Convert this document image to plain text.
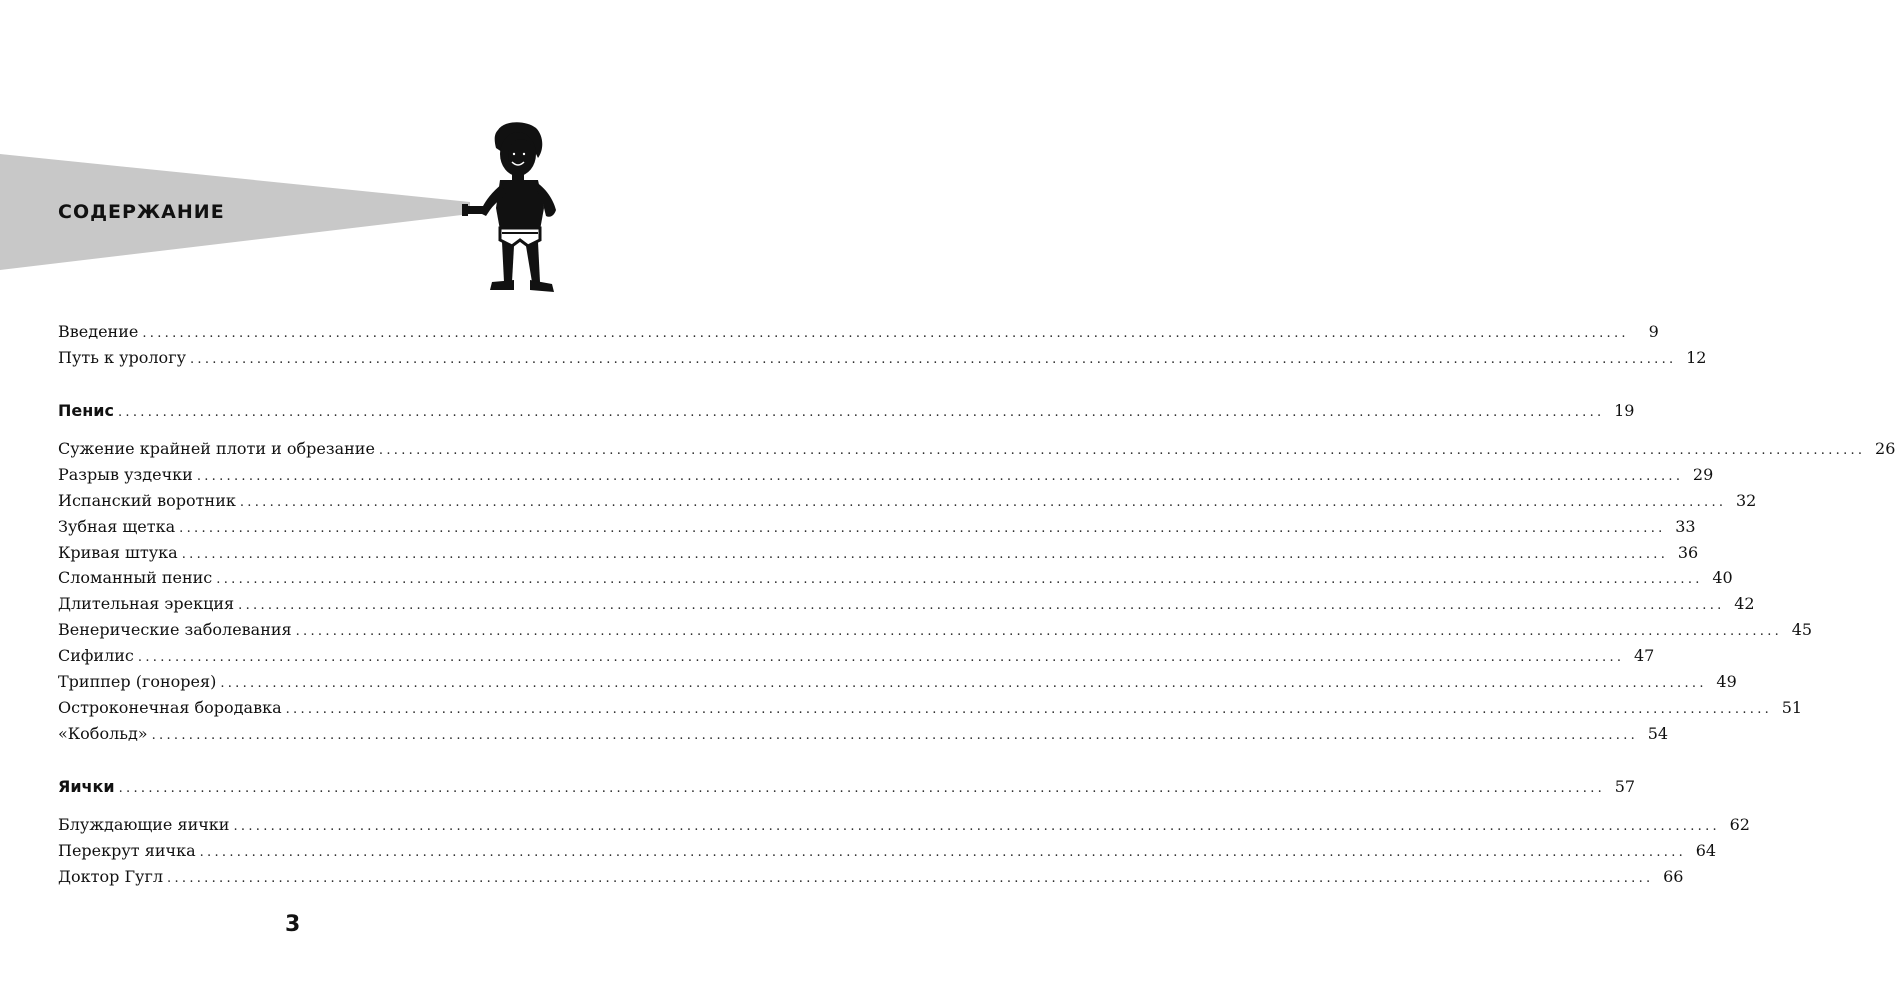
СОДЕРЖАНИЕ
Введение ........................................................................................................................................................................................................	9
Путь к урологу ........................................................................................................................................................................................................ 12
Пенис ........................................................................................................................................................................................................ 19
Сужение крайней плоти и обрезание ........................................................................................................................................................................................................ 26
Разрыв уздечки ........................................................................................................................................................................................................ 29
Испанский воротник ........................................................................................................................................................................................................ 32
Зубная щетка ........................................................................................................................................................................................................ 33
Кривая штука ........................................................................................................................................................................................................ 36
Сломанный пенис ........................................................................................................................................................................................................ 40
Длительная эрекция ........................................................................................................................................................................................................ 42
Венерические заболевания ........................................................................................................................................................................................................ 45
Сифилис ........................................................................................................................................................................................................ 47
Триппер (гонорея) ........................................................................................................................................................................................................ 49
Остроконечная бородавка ........................................................................................................................................................................................................ 51
«Кобольд» ........................................................................................................................................................................................................ 54
Яички ........................................................................................................................................................................................................ 57
Блуждающие яички ........................................................................................................................................................................................................ 62
Перекрут яичка ........................................................................................................................................................................................................ 64
Доктор Гугл ........................................................................................................................................................................................................ 66
3
